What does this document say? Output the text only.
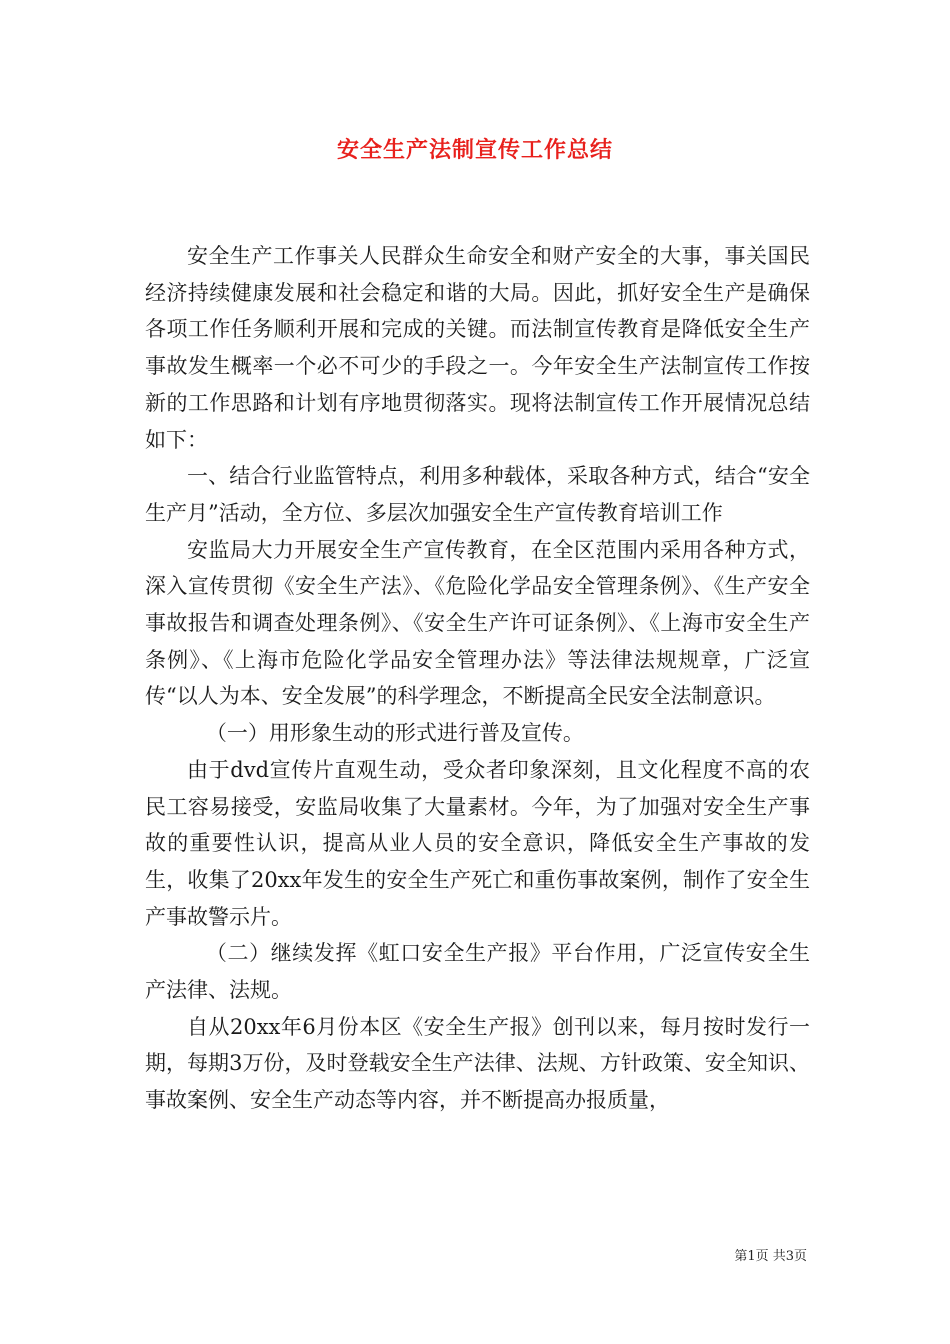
安全生产法制宣传工作总结

安全生产工作事关人民群众生命安全和财产安全的大事，事关国民经济持续健康发展和社会稳定和谐的大局。因此，抓好安全生产是确保各项工作任务顺利开展和完成的关键。而法制宣传教育是降低安全生产事故发生概率一个必不可少的手段之一。今年安全生产法制宣传工作按新的工作思路和计划有序地贯彻落实。现将法制宣传工作开展情况总结如下：

一、结合行业监管特点，利用多种载体，采取各种方式，结合“安全生产月”活动，全方位、多层次加强安全生产宣传教育培训工作

安监局大力开展安全生产宣传教育，在全区范围内采用各种方式，深入宣传贯彻《安全生产法》、《危险化学品安全管理条例》、《生产安全事故报告和调查处理条例》、《安全生产许可证条例》、《上海市安全生产条例》、《上海市危险化学品安全管理办法》等法律法规规章，广泛宣传“以人为本、安全发展”的科学理念，不断提高全民安全法制意识。

（一）用形象生动的形式进行普及宣传。

由于dvd宣传片直观生动，受众者印象深刻，且文化程度不高的农民工容易接受，安监局收集了大量素材。今年，为了加强对安全生产事故的重要性认识，提高从业人员的安全意识，降低安全生产事故的发生，收集了20xx年发生的安全生产死亡和重伤事故案例，制作了安全生产事故警示片。

（二）继续发挥《虹口安全生产报》平台作用，广泛宣传安全生产法律、法规。

自从20xx年6月份本区《安全生产报》创刊以来，每月按时发行一期，每期3万份，及时登载安全生产法律、法规、方针政策、安全知识、事故案例、安全生产动态等内容，并不断提高办报质量，

第1页 共3页
